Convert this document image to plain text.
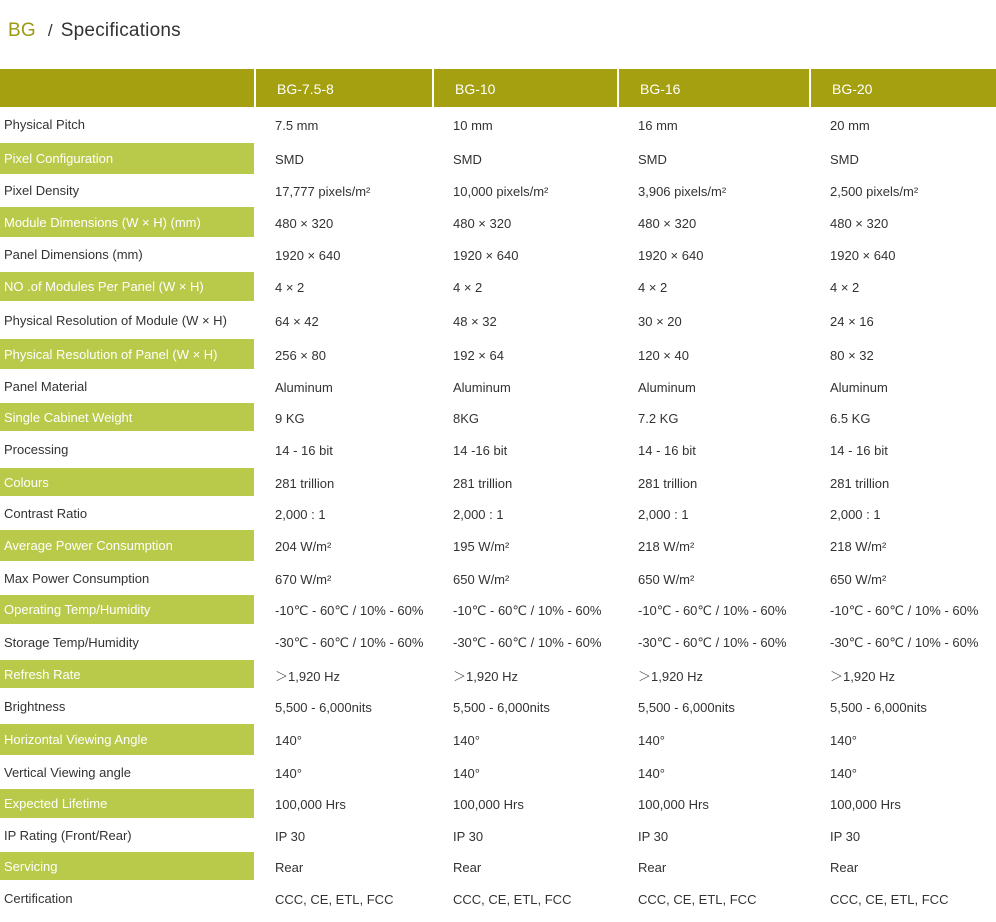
BG / Specifications
	BG-7.5-8	BG-10	BG-16	BG-20
Physical Pitch	7.5 mm	10 mm	16 mm	20 mm
Pixel Configuration	SMD	SMD	SMD	SMD
Pixel Density	17,777 pixels/m²	10,000 pixels/m²	3,906 pixels/m²	2,500 pixels/m²
Module Dimensions (W × H) (mm)	480 × 320	480 × 320	480 × 320	480 × 320
Panel Dimensions (mm)	1920 × 640	1920 × 640	1920 × 640	1920 × 640
NO .of Modules Per Panel (W × H)	4 × 2	4 × 2	4 × 2	4 × 2
Physical Resolution of Module (W × H)	64 × 42	48 × 32	30 × 20	24 × 16
Physical Resolution of Panel (W × H)	256 × 80	192 × 64	120 × 40	80 × 32
Panel Material	Aluminum	Aluminum	Aluminum	Aluminum
Single Cabinet Weight	9 KG	8KG	7.2 KG	6.5 KG
Processing	14 - 16 bit	14 -16 bit	14 - 16 bit	14 - 16 bit
Colours	281 trillion	281 trillion	281 trillion	281 trillion
Contrast Ratio	2,000 : 1	2,000 : 1	2,000 : 1	2,000 : 1
Average Power Consumption	204 W/m²	195 W/m²	218 W/m²	218 W/m²
Max Power Consumption	670 W/m²	650 W/m²	650 W/m²	650 W/m²
Operating Temp/Humidity	-10℃ - 60℃ / 10% - 60%	-10℃ - 60℃ / 10% - 60%	-10℃ - 60℃ / 10% - 60%	-10℃ - 60℃ / 10% - 60%
Storage Temp/Humidity	-30℃ - 60℃ / 10% - 60%	-30℃ - 60℃ / 10% - 60%	-30℃ - 60℃ / 10% - 60%	-30℃ - 60℃ / 10% - 60%
Refresh Rate	＞1,920 Hz	＞1,920 Hz	＞1,920 Hz	＞1,920 Hz
Brightness	5,500 - 6,000nits	5,500 - 6,000nits	5,500 - 6,000nits	5,500 - 6,000nits
Horizontal Viewing Angle	140°	140°	140°	140°
Vertical Viewing angle	140°	140°	140°	140°
Expected Lifetime	100,000 Hrs	100,000 Hrs	100,000 Hrs	100,000 Hrs
IP Rating (Front/Rear)	IP 30	IP 30	IP 30	IP 30
Servicing	Rear	Rear	Rear	Rear
Certification	CCC, CE, ETL, FCC	CCC, CE, ETL, FCC	CCC, CE, ETL, FCC	CCC, CE, ETL, FCC
